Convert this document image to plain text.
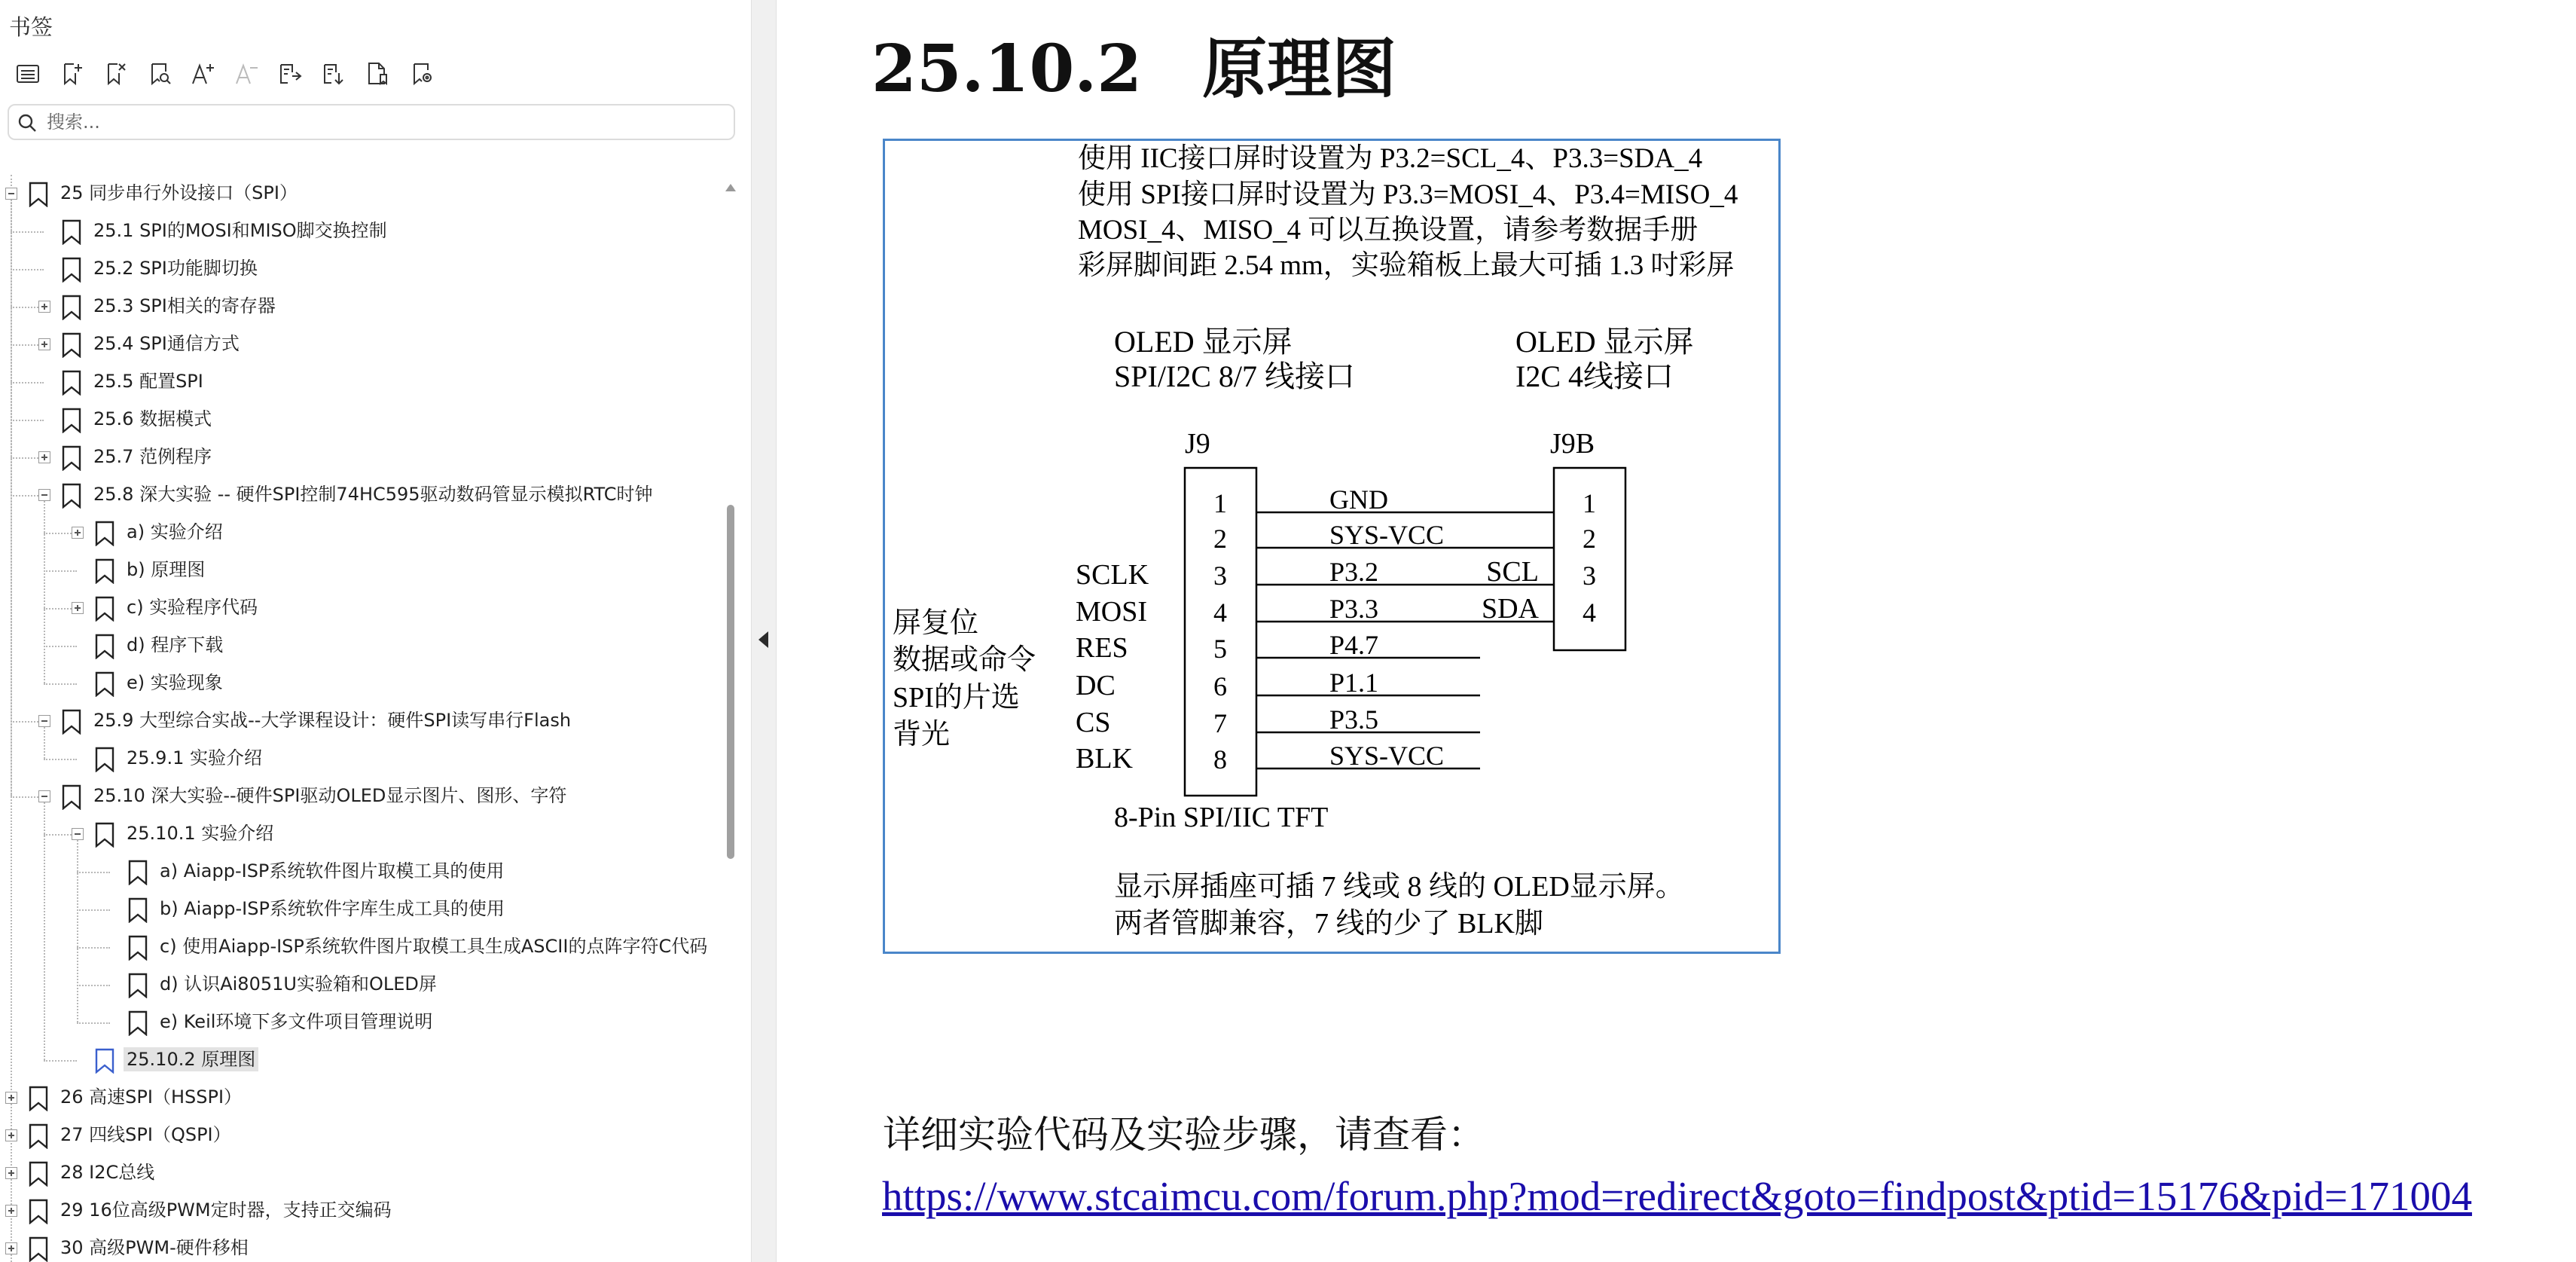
书签
搜索...
25 同步串行外设接口（SPI）
25.1 SPI的MOSI和MISO脚交换控制
25.2 SPI功能脚切换
25.3 SPI相关的寄存器
25.4 SPI通信方式
25.5 配置SPI
25.6 数据模式
25.7 范例程序
25.8 深大实验 -- 硬件SPI控制74HC595驱动数码管显示模拟RTC时钟
a) 实验介绍
b) 原理图
c) 实验程序代码
d) 程序下载
e) 实验现象
25.9 大型综合实战--大学课程设计：硬件SPI读写串行Flash
25.9.1 实验介绍
25.10 深大实验--硬件SPI驱动OLED显示图片、图形、字符
25.10.1 实验介绍
a) Aiapp-ISP系统软件图片取模工具的使用
b) Aiapp-ISP系统软件字库生成工具的使用
c) 使用Aiapp-ISP系统软件图片取模工具生成ASCII的点阵字符C代码
d) 认识Ai8051U实验箱和OLED屏
e) Keil环境下多文件项目管理说明
25.10.2 原理图
26 高速SPI（HSSPI）
27 四线SPI（QSPI）
28 I2C总线
29 16位高级PWM定时器，支持正交编码
30 高级PWM-硬件移相
25.10.2 原理图
使用 IIC接口屏时设置为 P3.2=SCL_4、P3.3=SDA_4
使用 SPI接口屏时设置为 P3.3=MOSI_4、P3.4=MISO_4
MOSI_4、MISO_4 可以互换设置，请参考数据手册
彩屏脚间距 2.54 mm，实验箱板上最大可插 1.3 吋彩屏
OLED 显示屏
SPI/I2C 8/7 线接口
OLED 显示屏
I2C 4线接口
J9	J9B
1
2
3
4
5
6
7
8
1
2
3
4
GND
SYS-VCC
P3.2
P3.3
P4.7
P1.1
P3.5
SYS-VCC
SCLK
MOSI
RES
DC
CS
BLK
SCL
SDA
屏复位
数据或命令
SPI的片选
背光
8-Pin SPI/IIC TFT
显示屏插座可插 7 线或 8 线的 OLED显示屏。
两者管脚兼容，7 线的少了 BLK脚
详细实验代码及实验步骤，请查看：
https://www.stcaimcu.com/forum.php?mod=redirect&goto=findpost&ptid=15176&pid=171004
